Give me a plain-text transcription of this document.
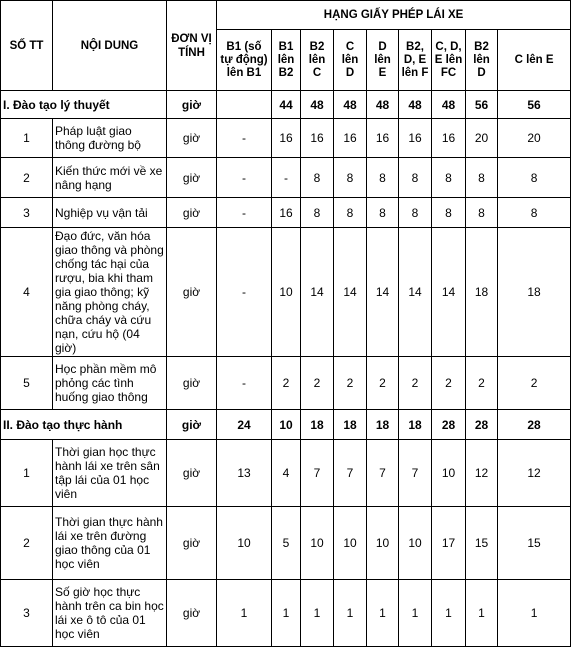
SỐ TT	NỘI DUNG	ĐƠN VỊ TÍNH	HẠNG GIẤY PHÉP LÁI XE								
			B1 (số tự động) lên B1	B1 lên B2	B2 lên C	C lên D	D lên E	B2, D, E lên F	C, D, E lên FC	B2 lên D	C lên E
I. Đào tạo lý thuyết		giờ		44	48	48	48	48	48	56	56
1	Pháp luật giao thông đường bộ	giờ	-	16	16	16	16	16	16	20	20
2	Kiến thức mới về xe nâng hạng	giờ	-	-	8	8	8	8	8	8	8
3	Nghiệp vụ vận tải	giờ	-	16	8	8	8	8	8	8	8
4	Đạo đức, văn hóa giao thông và phòng chống tác hại của rượu, bia khi tham gia giao thông; kỹ năng phòng cháy, chữa cháy và cứu nạn, cứu hộ (04 giờ)	giờ	-	10	14	14	14	14	14	18	18
5	Học phần mềm mô phỏng các tình huống giao thông	giờ	-	2	2	2	2	2	2	2	2
II. Đào tạo thực hành		giờ	24	10	18	18	18	18	28	28	28
1	Thời gian học thực hành lái xe trên sân tập lái của 01 học viên	giờ	13	4	7	7	7	7	10	12	12
2	Thời gian thực hành lái xe trên đường giao thông của 01 học viên	giờ	10	5	10	10	10	10	17	15	15
3	Số giờ học thực hành trên ca bin học lái xe ô tô của 01 học viên	giờ	1	1	1	1	1	1	1	1	1
